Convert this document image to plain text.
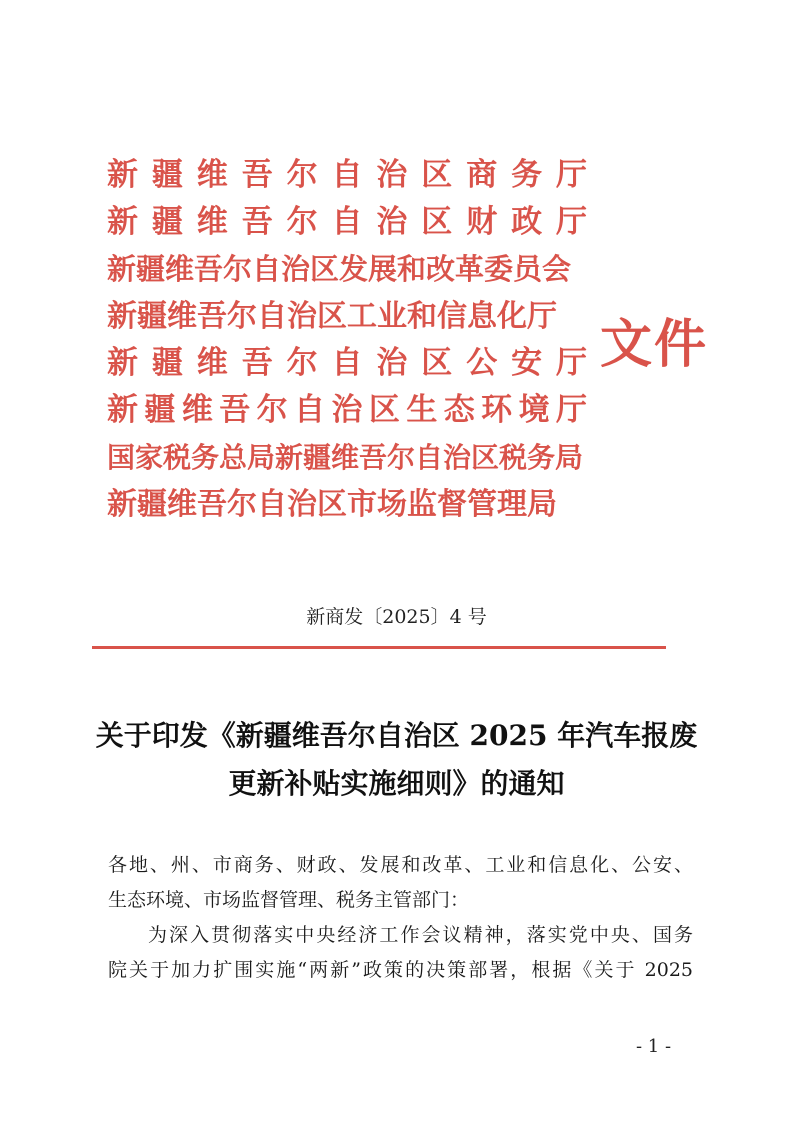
新疆维吾尔自治区商务厅
新疆维吾尔自治区财政厅
新疆维吾尔自治区发展和改革委员会
新疆维吾尔自治区工业和信息化厅
新疆维吾尔自治区公安厅
新疆维吾尔自治区生态环境厅
国家税务总局新疆维吾尔自治区税务局
新疆维吾尔自治区市场监督管理局
文件
新商发〔2025〕4 号
关于印发《新疆维吾尔自治区 2025 年汽车报废
更新补贴实施细则》的通知
各地、州、市商务、财政、发展和改革、工业和信息化、公安、
生态环境、市场监督管理、税务主管部门：
为深入贯彻落实中央经济工作会议精神，落实党中央、国务
院关于加力扩围实施“两新”政策的决策部署，根据《关于 2025
- 1 -
